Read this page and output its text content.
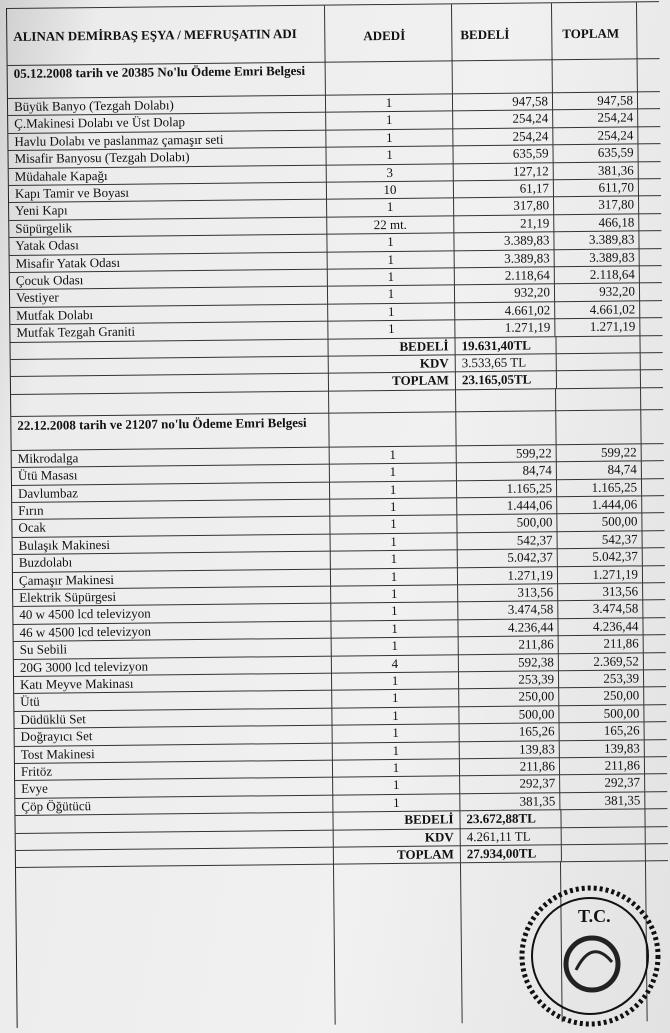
ALINAN DEMİRBAŞ EŞYA / MEFRUŞATIN ADI	ADEDİ	BEDELİ	TOPLAM
05.12.2008 tarih ve 20385 No'lu Ödeme Emri Belgesi
Büyük Banyo (Tezgah Dolabı)	1	947,58	947,58
Ç.Makinesi Dolabı ve Üst Dolap	1	254,24	254,24
Havlu Dolabı ve paslanmaz çamaşır seti	1	254,24	254,24
Misafir Banyosu (Tezgah Dolabı)	1	635,59	635,59
Müdahale Kapağı	3	127,12	381,36
Kapı Tamir ve Boyası	10	61,17	611,70
Yeni Kapı	1	317,80	317,80
Süpürgelik	22 mt.	21,19	466,18
Yatak Odası	1	3.389,83	3.389,83
Misafir Yatak Odası	1	3.389,83	3.389,83
Çocuk Odası	1	2.118,64	2.118,64
Vestiyer	1	932,20	932,20
Mutfak Dolabı	1	4.661,02	4.661,02
Mutfak Tezgah Graniti	1	1.271,19	1.271,19
BEDELİ 19.631,40TL
KDV 3.533,65 TL
TOPLAM 23.165,05TL
22.12.2008 tarih ve 21207 no'lu Ödeme Emri Belgesi
Mikrodalga	1	599,22	599,22
Ütü Masası	1	84,74	84,74
Davlumbaz	1	1.165,25	1.165,25
Fırın	1	1.444,06	1.444,06
Ocak	1	500,00	500,00
Bulaşık Makinesi	1	542,37	542,37
Buzdolabı	1	5.042,37	5.042,37
Çamaşır Makinesi	1	1.271,19	1.271,19
Elektrik Süpürgesi	1	313,56	313,56
40 w 4500 lcd televizyon	1	3.474,58	3.474,58
46 w 4500 lcd televizyon	1	4.236,44	4.236,44
Su Sebili	1	211,86	211,86
20G 3000 lcd televizyon	4	592,38	2.369,52
Katı Meyve Makinası	1	253,39	253,39
Ütü	1	250,00	250,00
Düdüklü Set	1	500,00	500,00
Doğrayıcı Set	1	165,26	165,26
Tost Makinesi	1	139,83	139,83
Fritöz	1	211,86	211,86
Evye	1	292,37	292,37
Çöp Öğütücü	1	381,35	381,35
BEDELİ 23.672,88TL
KDV 4.261,11 TL
TOPLAM 27.934,00TL
T.C.
